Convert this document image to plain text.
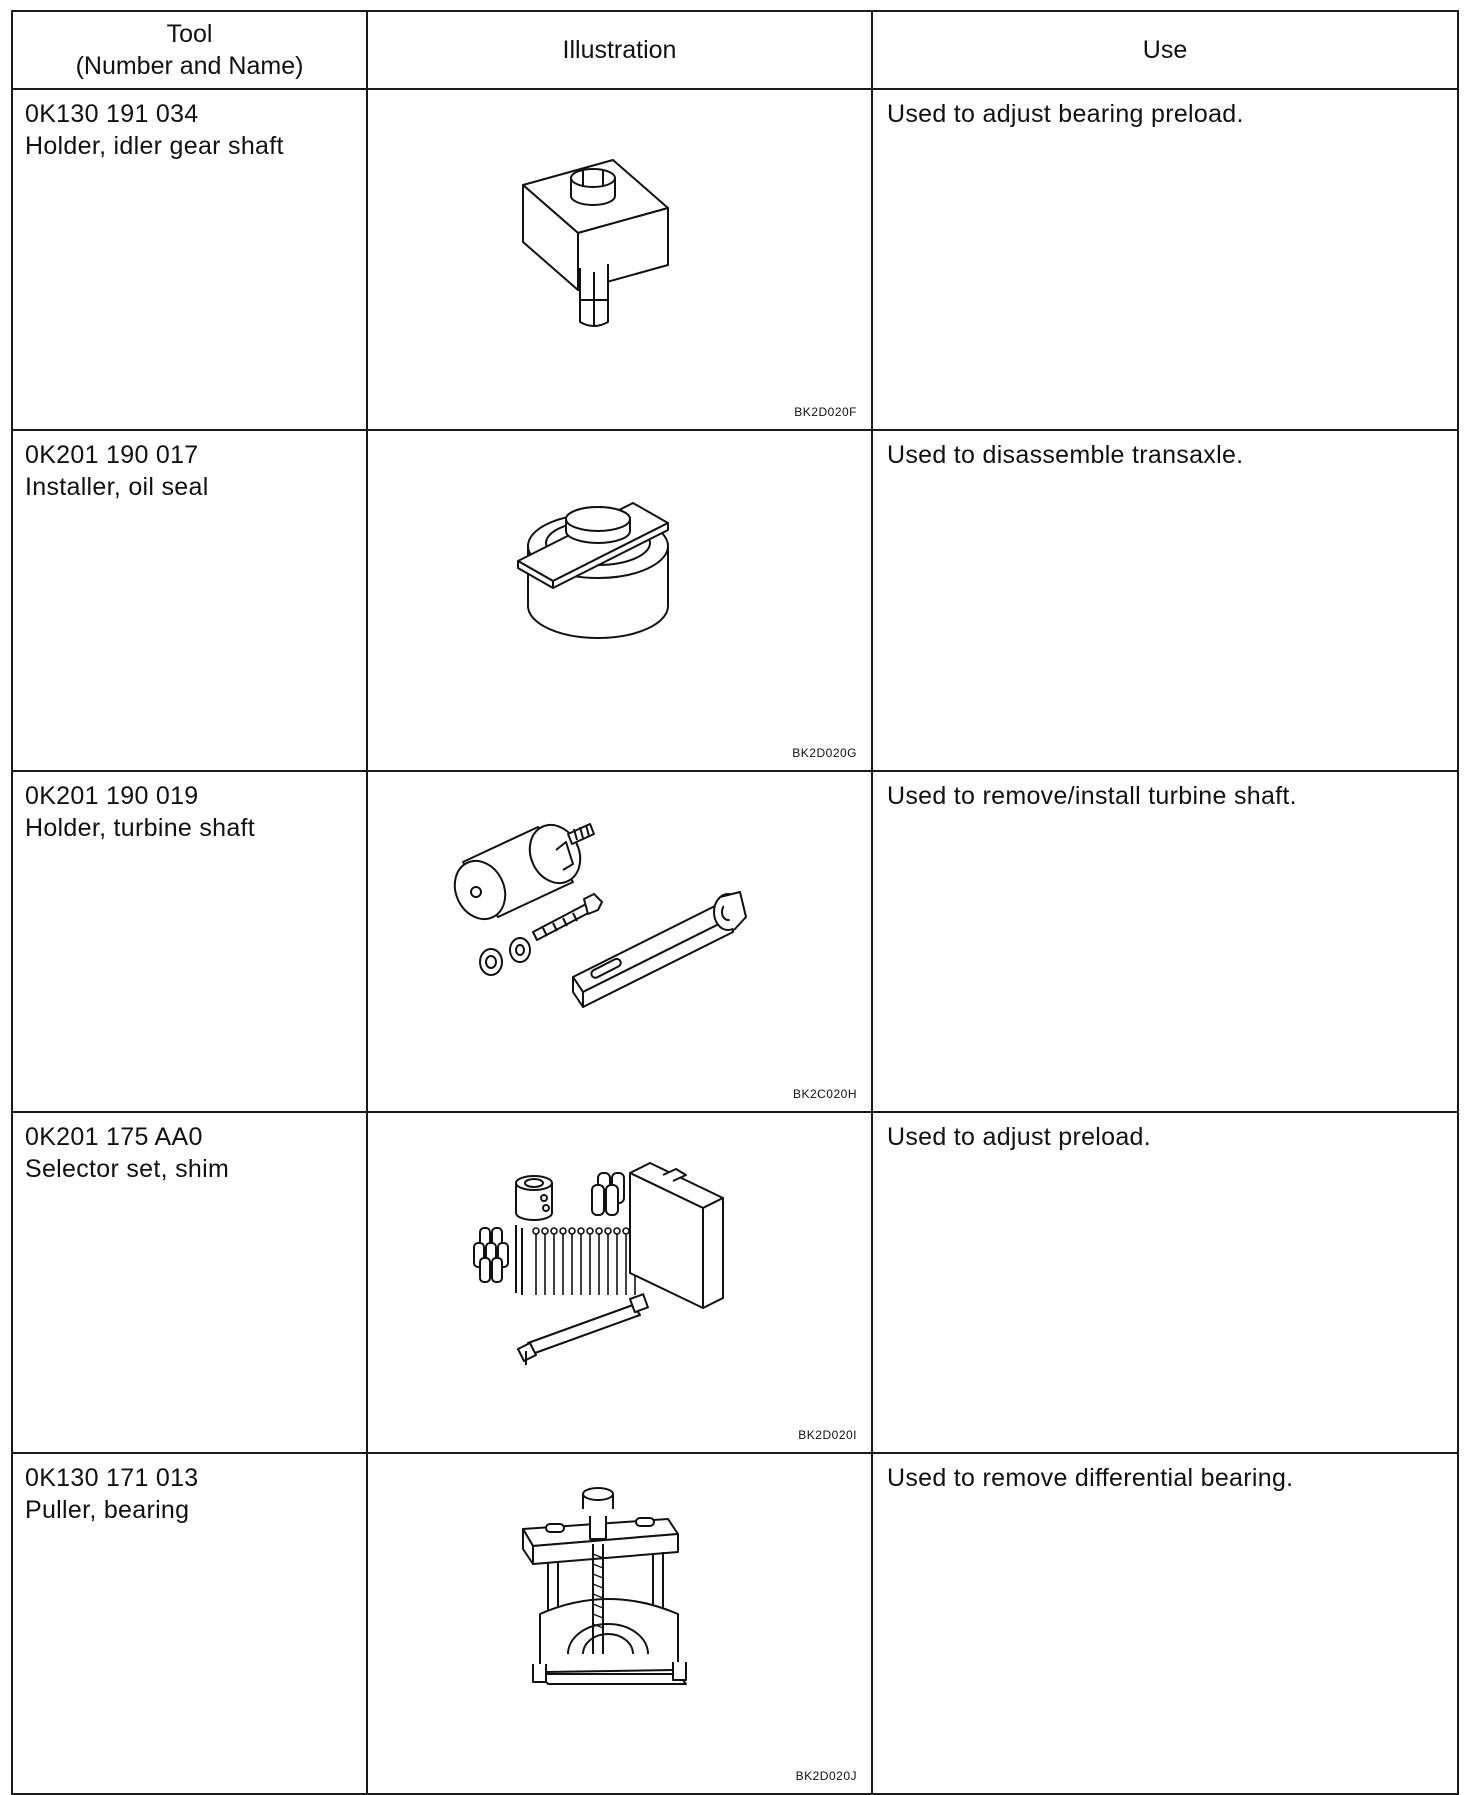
Tool
(Number and Name)	Illustration	Use

0K130 191 034
Holder, idler gear shaft	BK2D020F	Used to adjust bearing preload.

0K201 190 017
Installer, oil seal	BK2D020G	Used to disassemble transaxle.

0K201 190 019
Holder, turbine shaft	BK2C020H	Used to remove/install turbine shaft.

0K201 175 AA0
Selector set, shim	BK2D020I	Used to adjust preload.

0K130 171 013
Puller, bearing	BK2D020J	Used to remove differential bearing.
